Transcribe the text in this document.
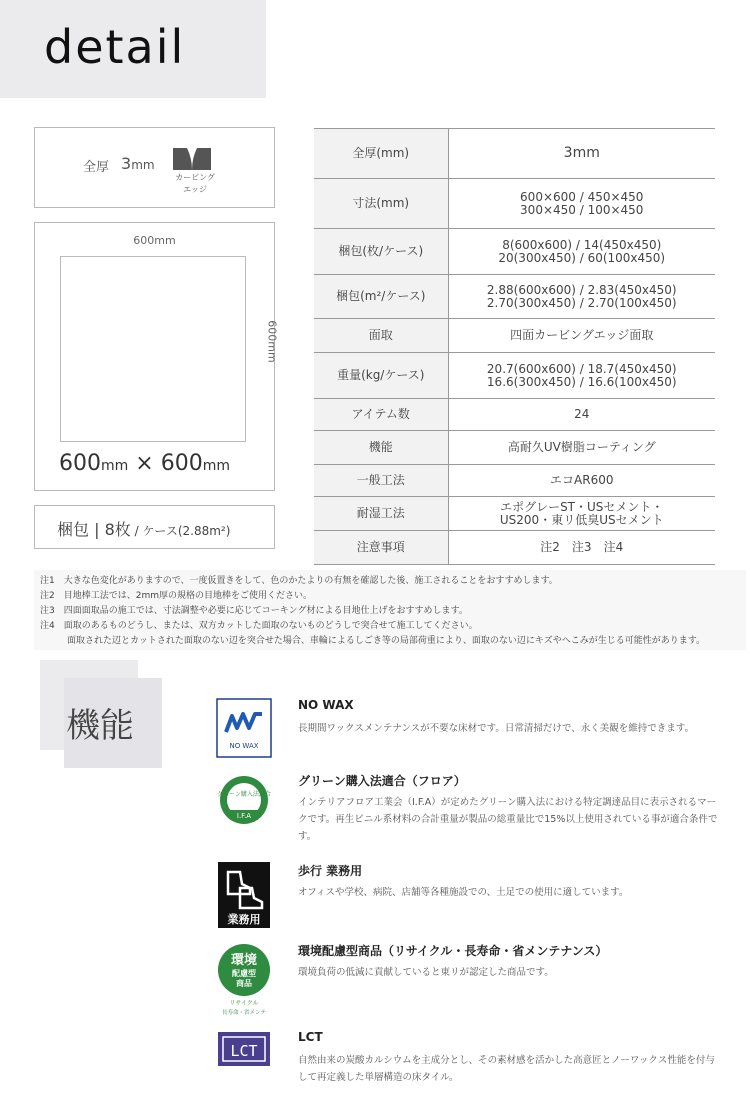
detail
全厚 3mm
カービング
エッジ
600mm
600mm
600mm × 600mm
梱包 | 8枚 / ケース(2.88m²)
全厚(mm)	3mm

寸法(mm)	600×600 / 450×450
300×450 / 100×450

梱包(枚/ケース)	8(600x600) / 14(450x450)
20(300x450) / 60(100x450)

梱包(m²/ケース)	2.88(600x600) / 2.83(450x450)
2.70(300x450) / 2.70(100x450)

面取	四面カービングエッジ面取

重量(kg/ケース)	20.7(600x600) / 18.7(450x450)
16.6(300x450) / 16.6(100x450)

アイテム数	24

機能	高耐久UV樹脂コーティング

一般工法	エコAR600

耐湿工法	エポグレーST・USセメント・
US200・東リ低臭USセメント

注意事項	注2　注3　注4
注1　大きな色変化がありますので、一度仮置きをして、色のかたよりの有無を確認した後、施工されることをおすすめします。
注2　目地棒工法では、2mm厚の規格の目地棒をご使用ください。
注3　四面面取品の施工では、寸法調整や必要に応じてコーキング材による目地仕上げをおすすめします。
注4　面取のあるものどうし、または、双方カットした面取のないものどうしで突合せて施工してください。
　　　面取された辺とカットされた面取のない辺を突合せた場合、車輪によるしごき等の局部荷重により、面取のない辺にキズやへこみが生じる可能性があります。
機能	NO WAX
NO WAX
長期間ワックスメンテナンスが不要な床材です。日常清掃だけで、永く美観を維持できます。
グリーン購入法適合
I.F.A
グリーン購入法適合（フロア）
インテリアフロア工業会（I.F.A）が定めたグリーン購入法における特定調達品目に表示されるマークです。再生ビニル系材料の合計重量が製品の総重量比で15%以上使用されている事が適合条件です。
業務用
歩行 業務用
オフィスや学校、病院、店舗等各種施設での、土足での使用に適しています。
環境
配慮型
商品
リサイクル
長寿命・省メンテ
環境配慮型商品（リサイクル・長寿命・省メンテナンス）
環境負荷の低減に貢献していると東リが認定した商品です。
LCT
LCT
自然由来の炭酸カルシウムを主成分とし、その素材感を活かした高意匠とノーワックス性能を付与して再定義した単層構造の床タイル。
